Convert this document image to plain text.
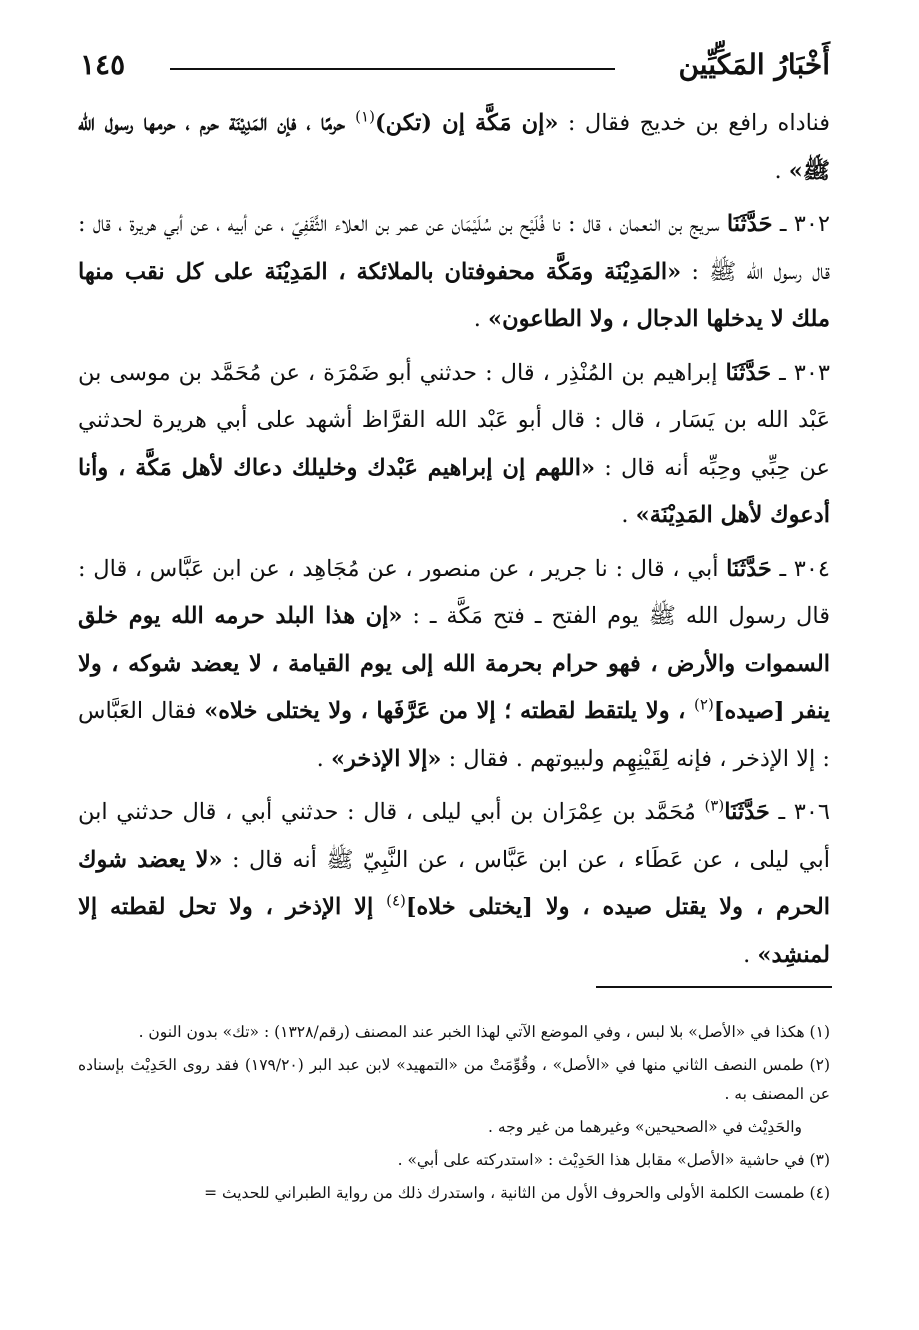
أَخْبَارُ المَكِّيِّين
١٤٥

فناداه رافع بن خديج فقال : «إن مَكَّة إن (تكن)$^{(١)}$ حرمًا ، فإن المَدِيْنَة حرم ، حرمها رسول الله ﷺ» .

٣٠٢ ـ حَدَّثَنَا سريج بن النعمان ، قال : نا فُلَيْح بن سُلَيْمَان عن عمر بن العلاء الثَّقَفِيّ ، عن أبيه ، عن أبي هريرة ، قال : قال رسول الله ﷺ : «المَدِيْنَة ومَكَّة محفوفتان بالملائكة ، المَدِيْنَة على كل نقب منها ملك لا يدخلها الدجال ، ولا الطاعون» .

٣٠٣ ـ حَدَّثَنَا إبراهيم بن المُنْذِر ، قال : حدثني أبو ضَمْرَة ، عن مُحَمَّد بن موسى بن عَبْد الله بن يَسَار ، قال : قال أبو عَبْد الله القرَّاظ أشهد على أبي هريرة لحدثني عن حِبِّي وحِبِّه أنه قال : «اللهم إن إبراهيم عَبْدك وخليلك دعاك لأهل مَكَّة ، وأنا أدعوك لأهل المَدِيْنَة» .

٣٠٤ ـ حَدَّثَنَا أبي ، قال : نا جرير ، عن منصور ، عن مُجَاهِد ، عن ابن عَبَّاس ، قال : قال رسول الله ﷺ يوم الفتح ـ فتح مَكَّة ـ : «إن هذا البلد حرمه الله يوم خلق السموات والأرض ، فهو حرام بحرمة الله إلى يوم القيامة ، لا يعضد شوكه ، ولا ينفر [صيده]$^{(٢)}$ ، ولا يلتقط لقطته ؛ إلا من عَرَّفَها ، ولا يختلى خلاه» فقال العَبَّاس : إلا الإذخر ، فإنه لِقَيْنِهِم ولبيوتهم . فقال : «إلا الإذخر» .

٣٠٦ ـ حَدَّثَنَا$^{(٣)}$ مُحَمَّد بن عِمْرَان بن أبي ليلى ، قال : حدثني أبي ، قال حدثني ابن أبي ليلى ، عن عَطَاء ، عن ابن عَبَّاس ، عن النَّبِيّ ﷺ أنه قال : «لا يعضد شوك الحرم ، ولا يقتل صيده ، ولا [يختلى خلاه]$^{(٤)}$ إلا الإذخر ، ولا تحل لقطته إلا لمنشِد» .

(١) هكذا في «الأصل» بلا لبس ، وفي الموضع الآتي لهذا الخبر عند المصنف (رقم/١٣٢٨) : «تك» بدون النون .

(٢) طمس النصف الثاني منها في «الأصل» ، وقُوِّمَتْ من «التمهيد» لابن عبد البر (١٧٩/٢٠) فقد روى الحَدِيْث بإسناده عن المصنف به .

والحَدِيْث في «الصحيحين» وغيرهما من غير وجه .

(٣) في حاشية «الأصل» مقابل هذا الحَدِيْث : «استدركته على أبي» .

(٤) طمست الكلمة الأولى والحروف الأول من الثانية ، واستدرك ذلك من رواية الطبراني للحديث =
